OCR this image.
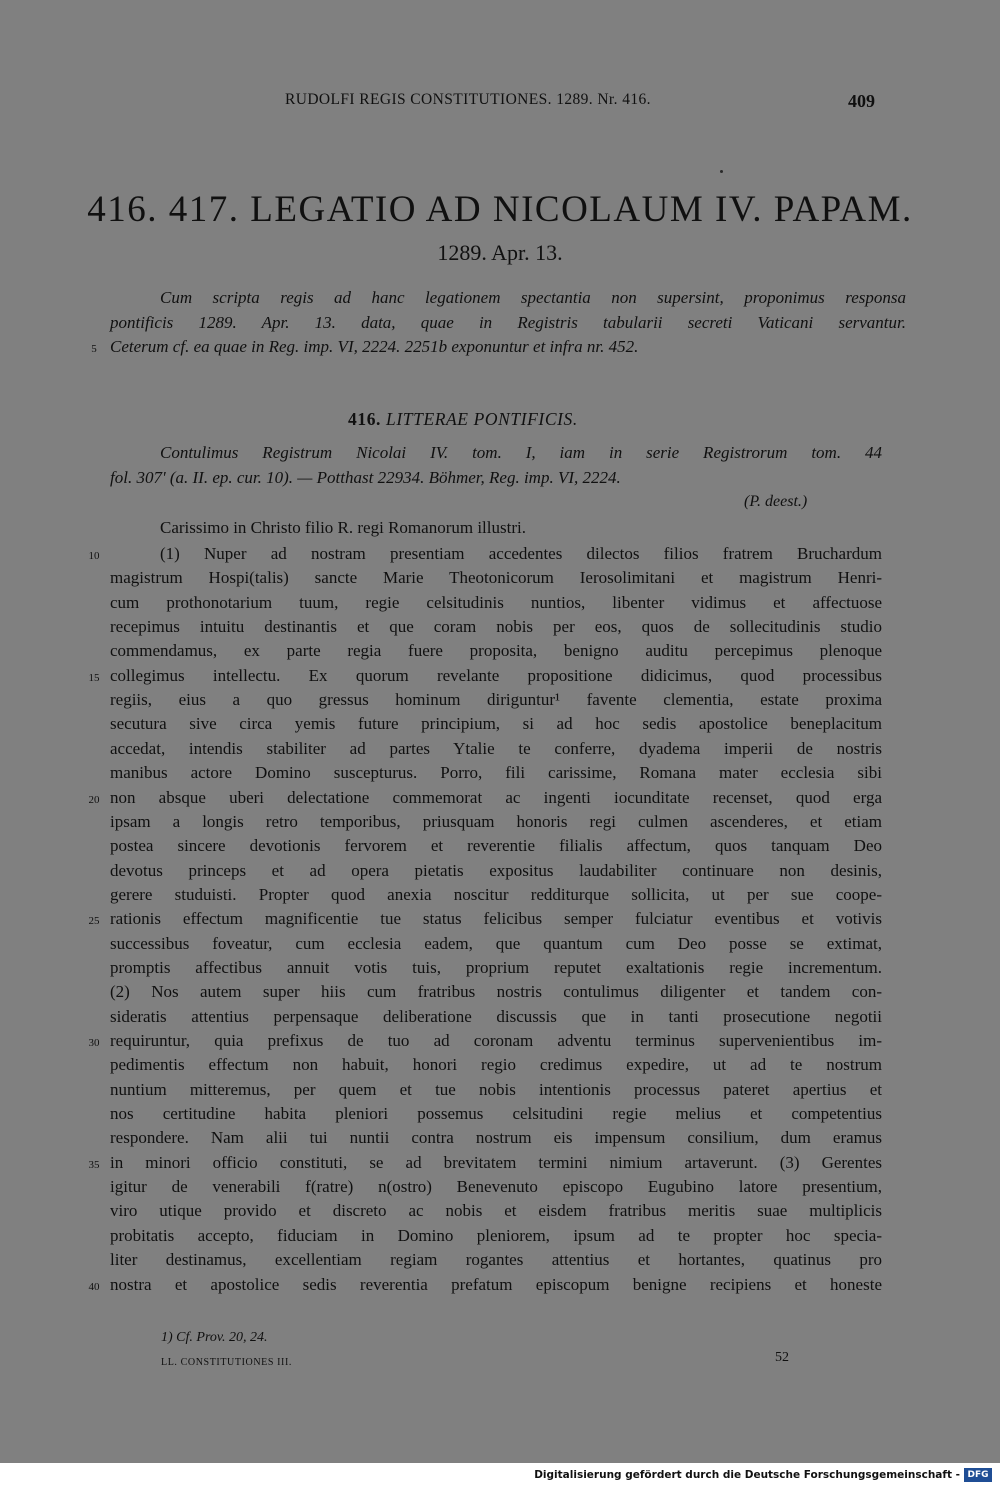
RUDOLFI REGIS CONSTITUTIONES. 1289. Nr. 416.	409
416. 417. LEGATIO AD NICOLAUM IV. PAPAM.
1289. Apr. 13.
Cum scripta regis ad hanc legationem spectantia non supersint, proponimus responsa
pontificis 1289. Apr. 13. data, quae in Registris tabularii secreti Vaticani servantur.
Ceterum cf. ea quae in Reg. imp. VI, 2224. 2251b exponuntur et infra nr. 452.
5
416. LITTERAE PONTIFICIS.
Contulimus Registrum Nicolai IV. tom. I, iam in serie Registrorum tom. 44
fol. 307' (a. II. ep. cur. 10). — Potthast 22934. Böhmer, Reg. imp. VI, 2224.
(P. deest.)
Carissimo in Christo filio R. regi Romanorum illustri.
(1) Nuper ad nostram presentiam accedentes dilectos filios fratrem Bruchardum
magistrum Hospi(talis) sancte Marie Theotonicorum Ierosolimitani et magistrum Henri-
cum prothonotarium tuum, regie celsitudinis nuntios, libenter vidimus et affectuose
recepimus intuitu destinantis et que coram nobis per eos, quos de sollecitudinis studio
commendamus, ex parte regia fuere proposita, benigno auditu percepimus plenoque
collegimus intellectu. Ex quorum revelante propositione didicimus, quod processibus
regiis, eius a quo gressus hominum diriguntur¹ favente clementia, estate proxima
secutura sive circa yemis future principium, si ad hoc sedis apostolice beneplacitum
accedat, intendis stabiliter ad partes Ytalie te conferre, dyadema imperii de nostris
manibus actore Domino suscepturus. Porro, fili carissime, Romana mater ecclesia sibi
non absque uberi delectatione commemorat ac ingenti iocunditate recenset, quod erga
ipsam a longis retro temporibus, priusquam honoris regi culmen ascenderes, et etiam
postea sincere devotionis fervorem et reverentie filialis affectum, quos tanquam Deo
devotus princeps et ad opera pietatis expositus laudabiliter continuare non desinis,
gerere studuisti. Propter quod anexia noscitur redditurque sollicita, ut per sue coope-
rationis effectum magnificentie tue status felicibus semper fulciatur eventibus et votivis
successibus foveatur, cum ecclesia eadem, que quantum cum Deo posse se extimat,
promptis affectibus annuit votis tuis, proprium reputet exaltationis regie incrementum.
(2) Nos autem super hiis cum fratribus nostris contulimus diligenter et tandem con-
sideratis attentius perpensaque deliberatione discussis que in tanti prosecutione negotii
requiruntur, quia prefixus de tuo ad coronam adventu terminus supervenientibus im-
pedimentis effectum non habuit, honori regio credimus expedire, ut ad te nostrum
nuntium mitteremus, per quem et tue nobis intentionis processus pateret apertius et
nos certitudine habita pleniori possemus celsitudini regie melius et competentius
respondere. Nam alii tui nuntii contra nostrum eis impensum consilium, dum eramus
in minori officio constituti, se ad brevitatem termini nimium artaverunt. (3) Gerentes
igitur de venerabili f(ratre) n(ostro) Benevenuto episcopo Eugubino latore presentium,
viro utique provido et discreto ac nobis et eisdem fratribus meritis suae multiplicis
probitatis accepto, fiduciam in Domino pleniorem, ipsum ad te propter hoc specia-
liter destinamus, excellentiam regiam rogantes attentius et hortantes, quatinus pro
nostra et apostolice sedis reverentia prefatum episcopum benigne recipiens et honeste
1) Cf. Prov. 20, 24.
LL. CONSTITUTIONES III.	52
10
15
20
25
30
35
40
Digitalisierung gefördert durch die Deutsche Forschungsgemeinschaft - DFG
